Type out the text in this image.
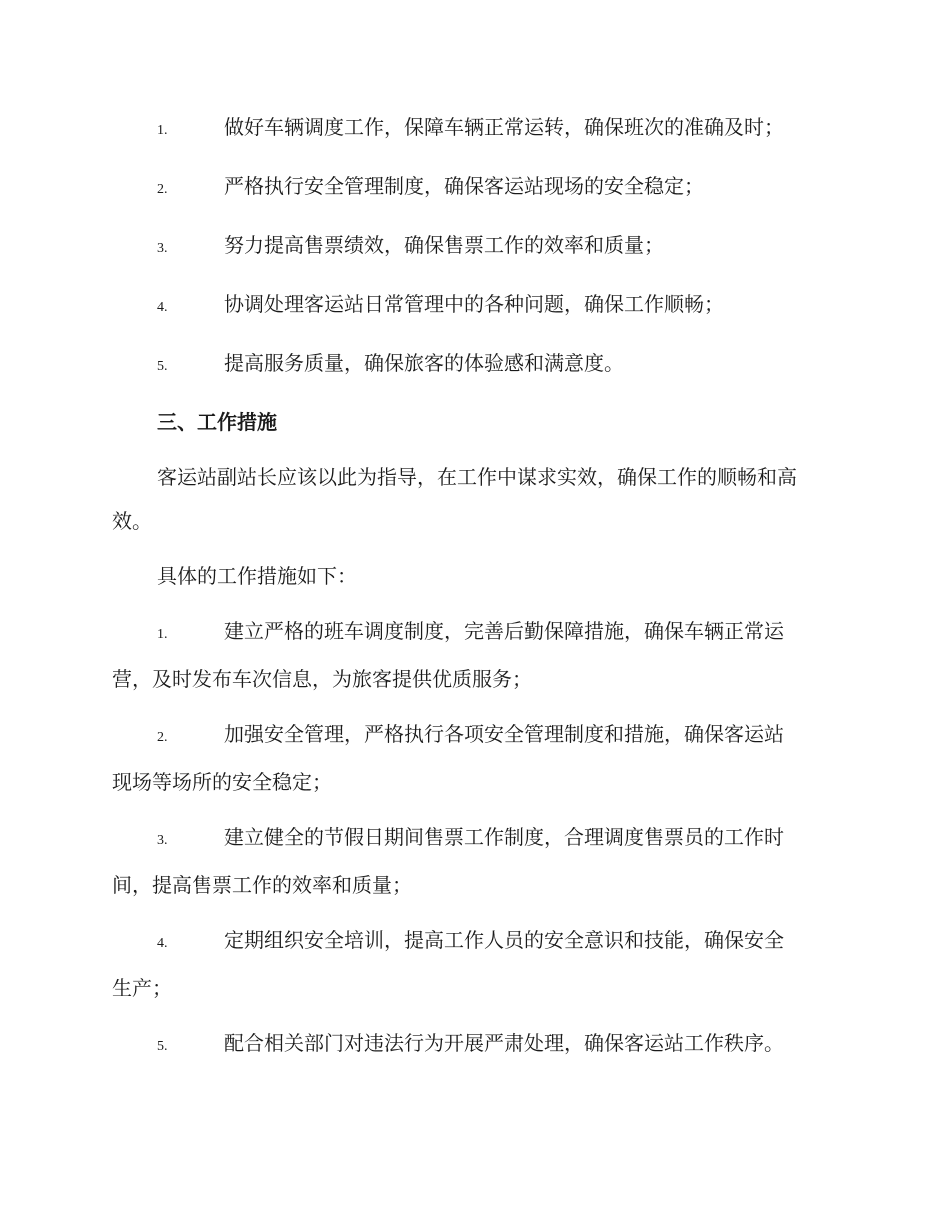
1.	做好车辆调度工作，保障车辆正常运转，确保班次的准确及时；
2.	严格执行安全管理制度，确保客运站现场的安全稳定；
3.	努力提高售票绩效，确保售票工作的效率和质量；
4.	协调处理客运站日常管理中的各种问题，确保工作顺畅；
5.	提高服务质量，确保旅客的体验感和满意度。
三、工作措施
客运站副站长应该以此为指导，在工作中谋求实效，确保工作的顺畅和高效。
具体的工作措施如下：
1.	建立严格的班车调度制度，完善后勤保障措施，确保车辆正常运
营，及时发布车次信息，为旅客提供优质服务；
2.	加强安全管理，严格执行各项安全管理制度和措施，确保客运站
现场等场所的安全稳定；
3.	建立健全的节假日期间售票工作制度，合理调度售票员的工作时
间，提高售票工作的效率和质量；
4.	定期组织安全培训，提高工作人员的安全意识和技能，确保安全
生产；
5.	配合相关部门对违法行为开展严肃处理，确保客运站工作秩序。
